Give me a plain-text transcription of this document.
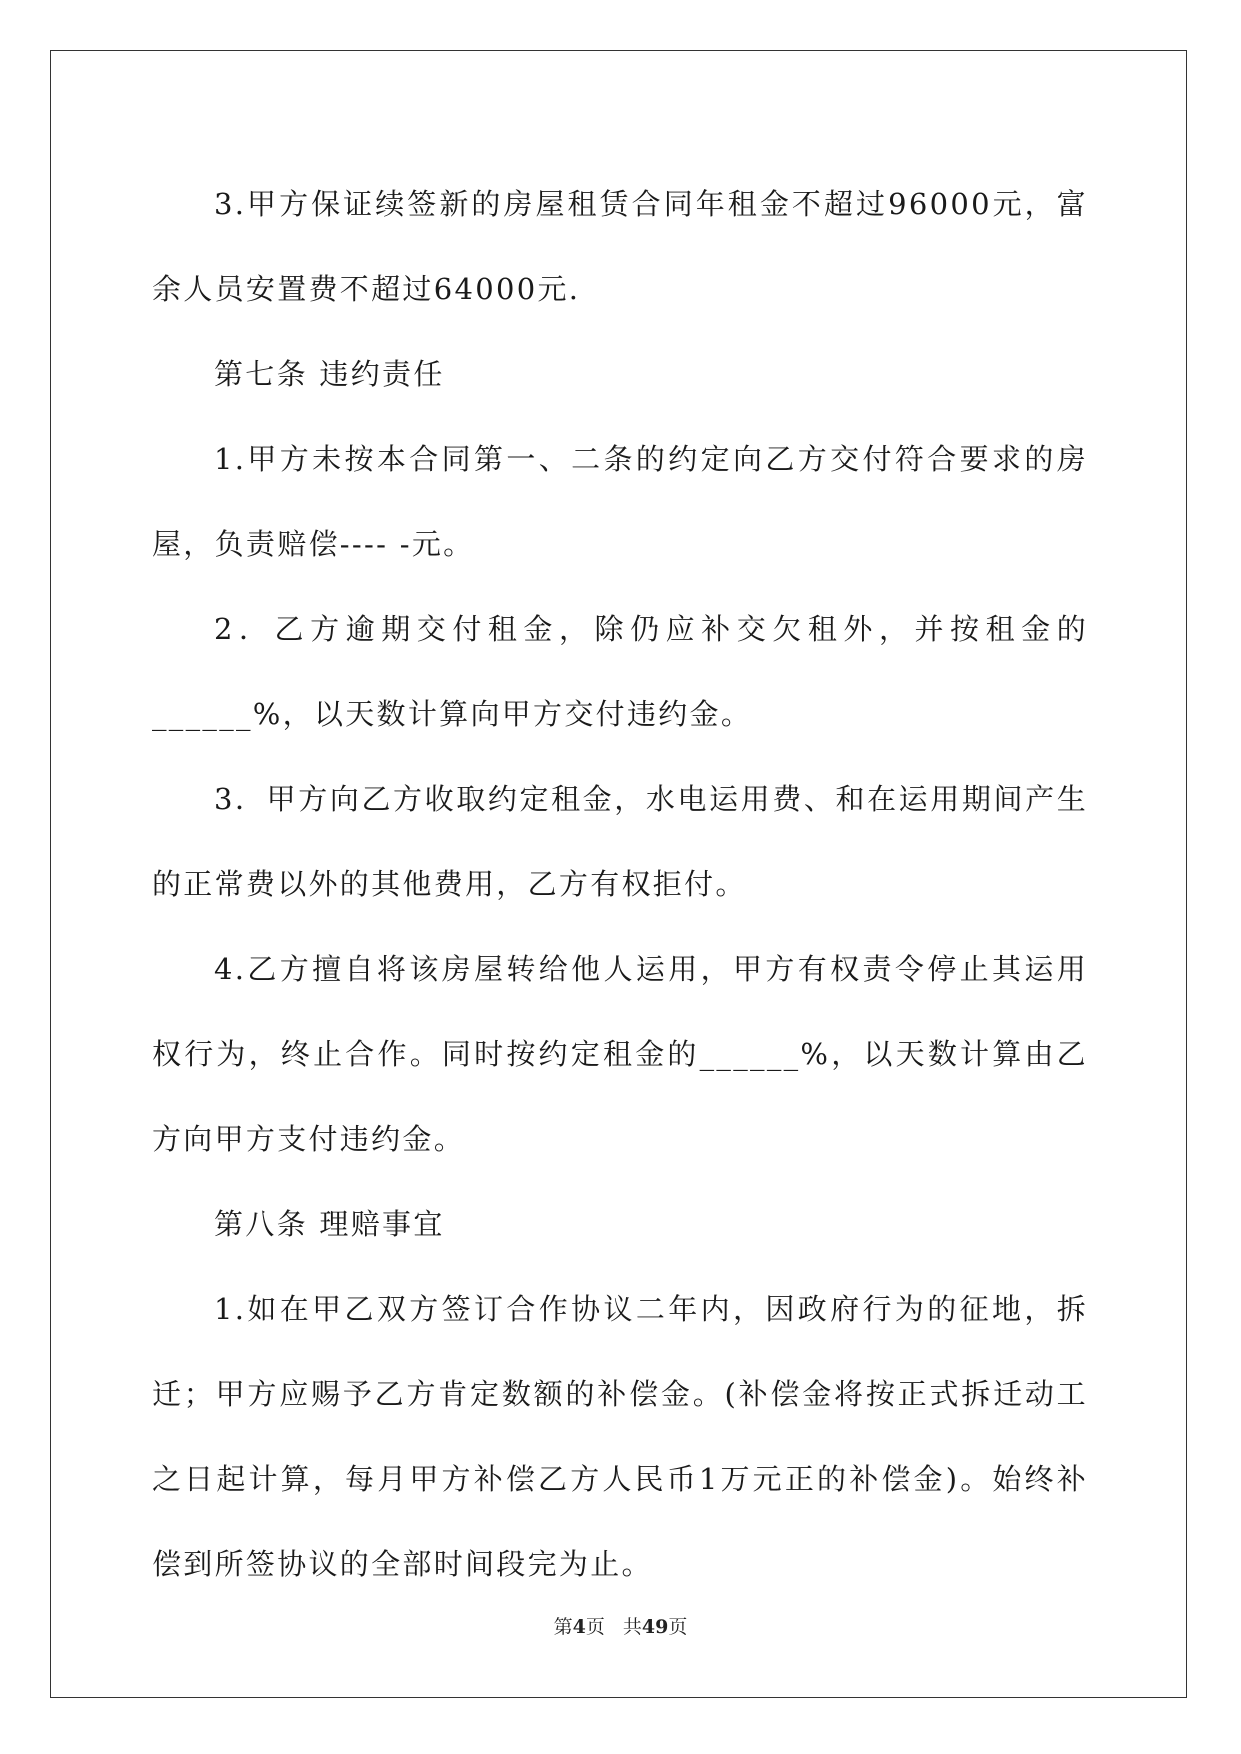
3.甲方保证续签新的房屋租赁合同年租金不超过96000元，富余人员安置费不超过64000元.

第七条 违约责任

1.甲方未按本合同第一、二条的约定向乙方交付符合要求的房屋，负责赔偿---- -元。

2．乙方逾期交付租金，除仍应补交欠租外，并按租金的______%，以天数计算向甲方交付违约金。

3．甲方向乙方收取约定租金，水电运用费、和在运用期间产生的正常费以外的其他费用，乙方有权拒付。

4.乙方擅自将该房屋转给他人运用，甲方有权责令停止其运用权行为，终止合作。同时按约定租金的______%，以天数计算由乙方向甲方支付违约金。

第八条 理赔事宜

1.如在甲乙双方签订合作协议二年内，因政府行为的征地，拆迁；甲方应赐予乙方肯定数额的补偿金。(补偿金将按正式拆迁动工之日起计算，每月甲方补偿乙方人民币1万元正的补偿金)。始终补偿到所签协议的全部时间段完为止。

第4页 共49页
